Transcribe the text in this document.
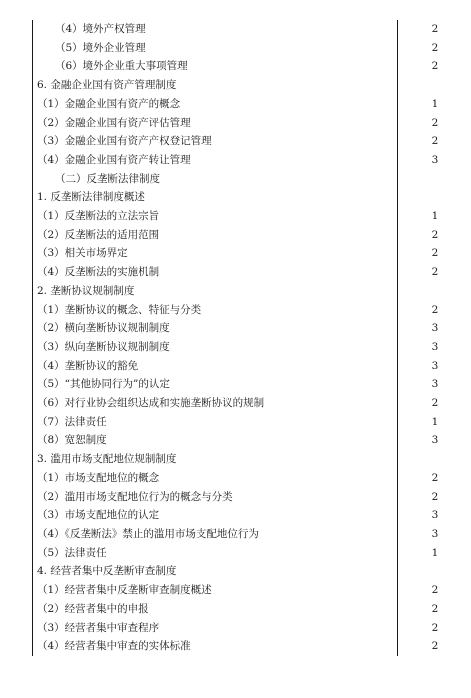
（4）境外产权管理	2
（5）境外企业管理	2
（6）境外企业重大事项管理	2
6. 金融企业国有资产管理制度	
（1）金融企业国有资产的概念	1
（2）金融企业国有资产评估管理	2
（3）金融企业国有资产产权登记管理	2
（4）金融企业国有资产转让管理	3
（二）反垄断法律制度	
1. 反垄断法律制度概述	
（1）反垄断法的立法宗旨	1
（2）反垄断法的适用范围	2
（3）相关市场界定	2
（4）反垄断法的实施机制	2
2. 垄断协议规制制度	
（1）垄断协议的概念、特征与分类	2
（2）横向垄断协议规制制度	3
（3）纵向垄断协议规制制度	3
（4）垄断协议的豁免	3
（5）“其他协同行为”的认定	3
（6）对行业协会组织达成和实施垄断协议的规制	2
（7）法律责任	1
（8）宽恕制度	3
3. 滥用市场支配地位规制制度	
（1）市场支配地位的概念	2
（2）滥用市场支配地位行为的概念与分类	2
（3）市场支配地位的认定	3
（4）《反垄断法》禁止的滥用市场支配地位行为	3
（5）法律责任	1
4. 经营者集中反垄断审查制度	
（1）经营者集中反垄断审查制度概述	2
（2）经营者集中的申报	2
（3）经营者集中审查程序	2
（4）经营者集中审查的实体标准	2
